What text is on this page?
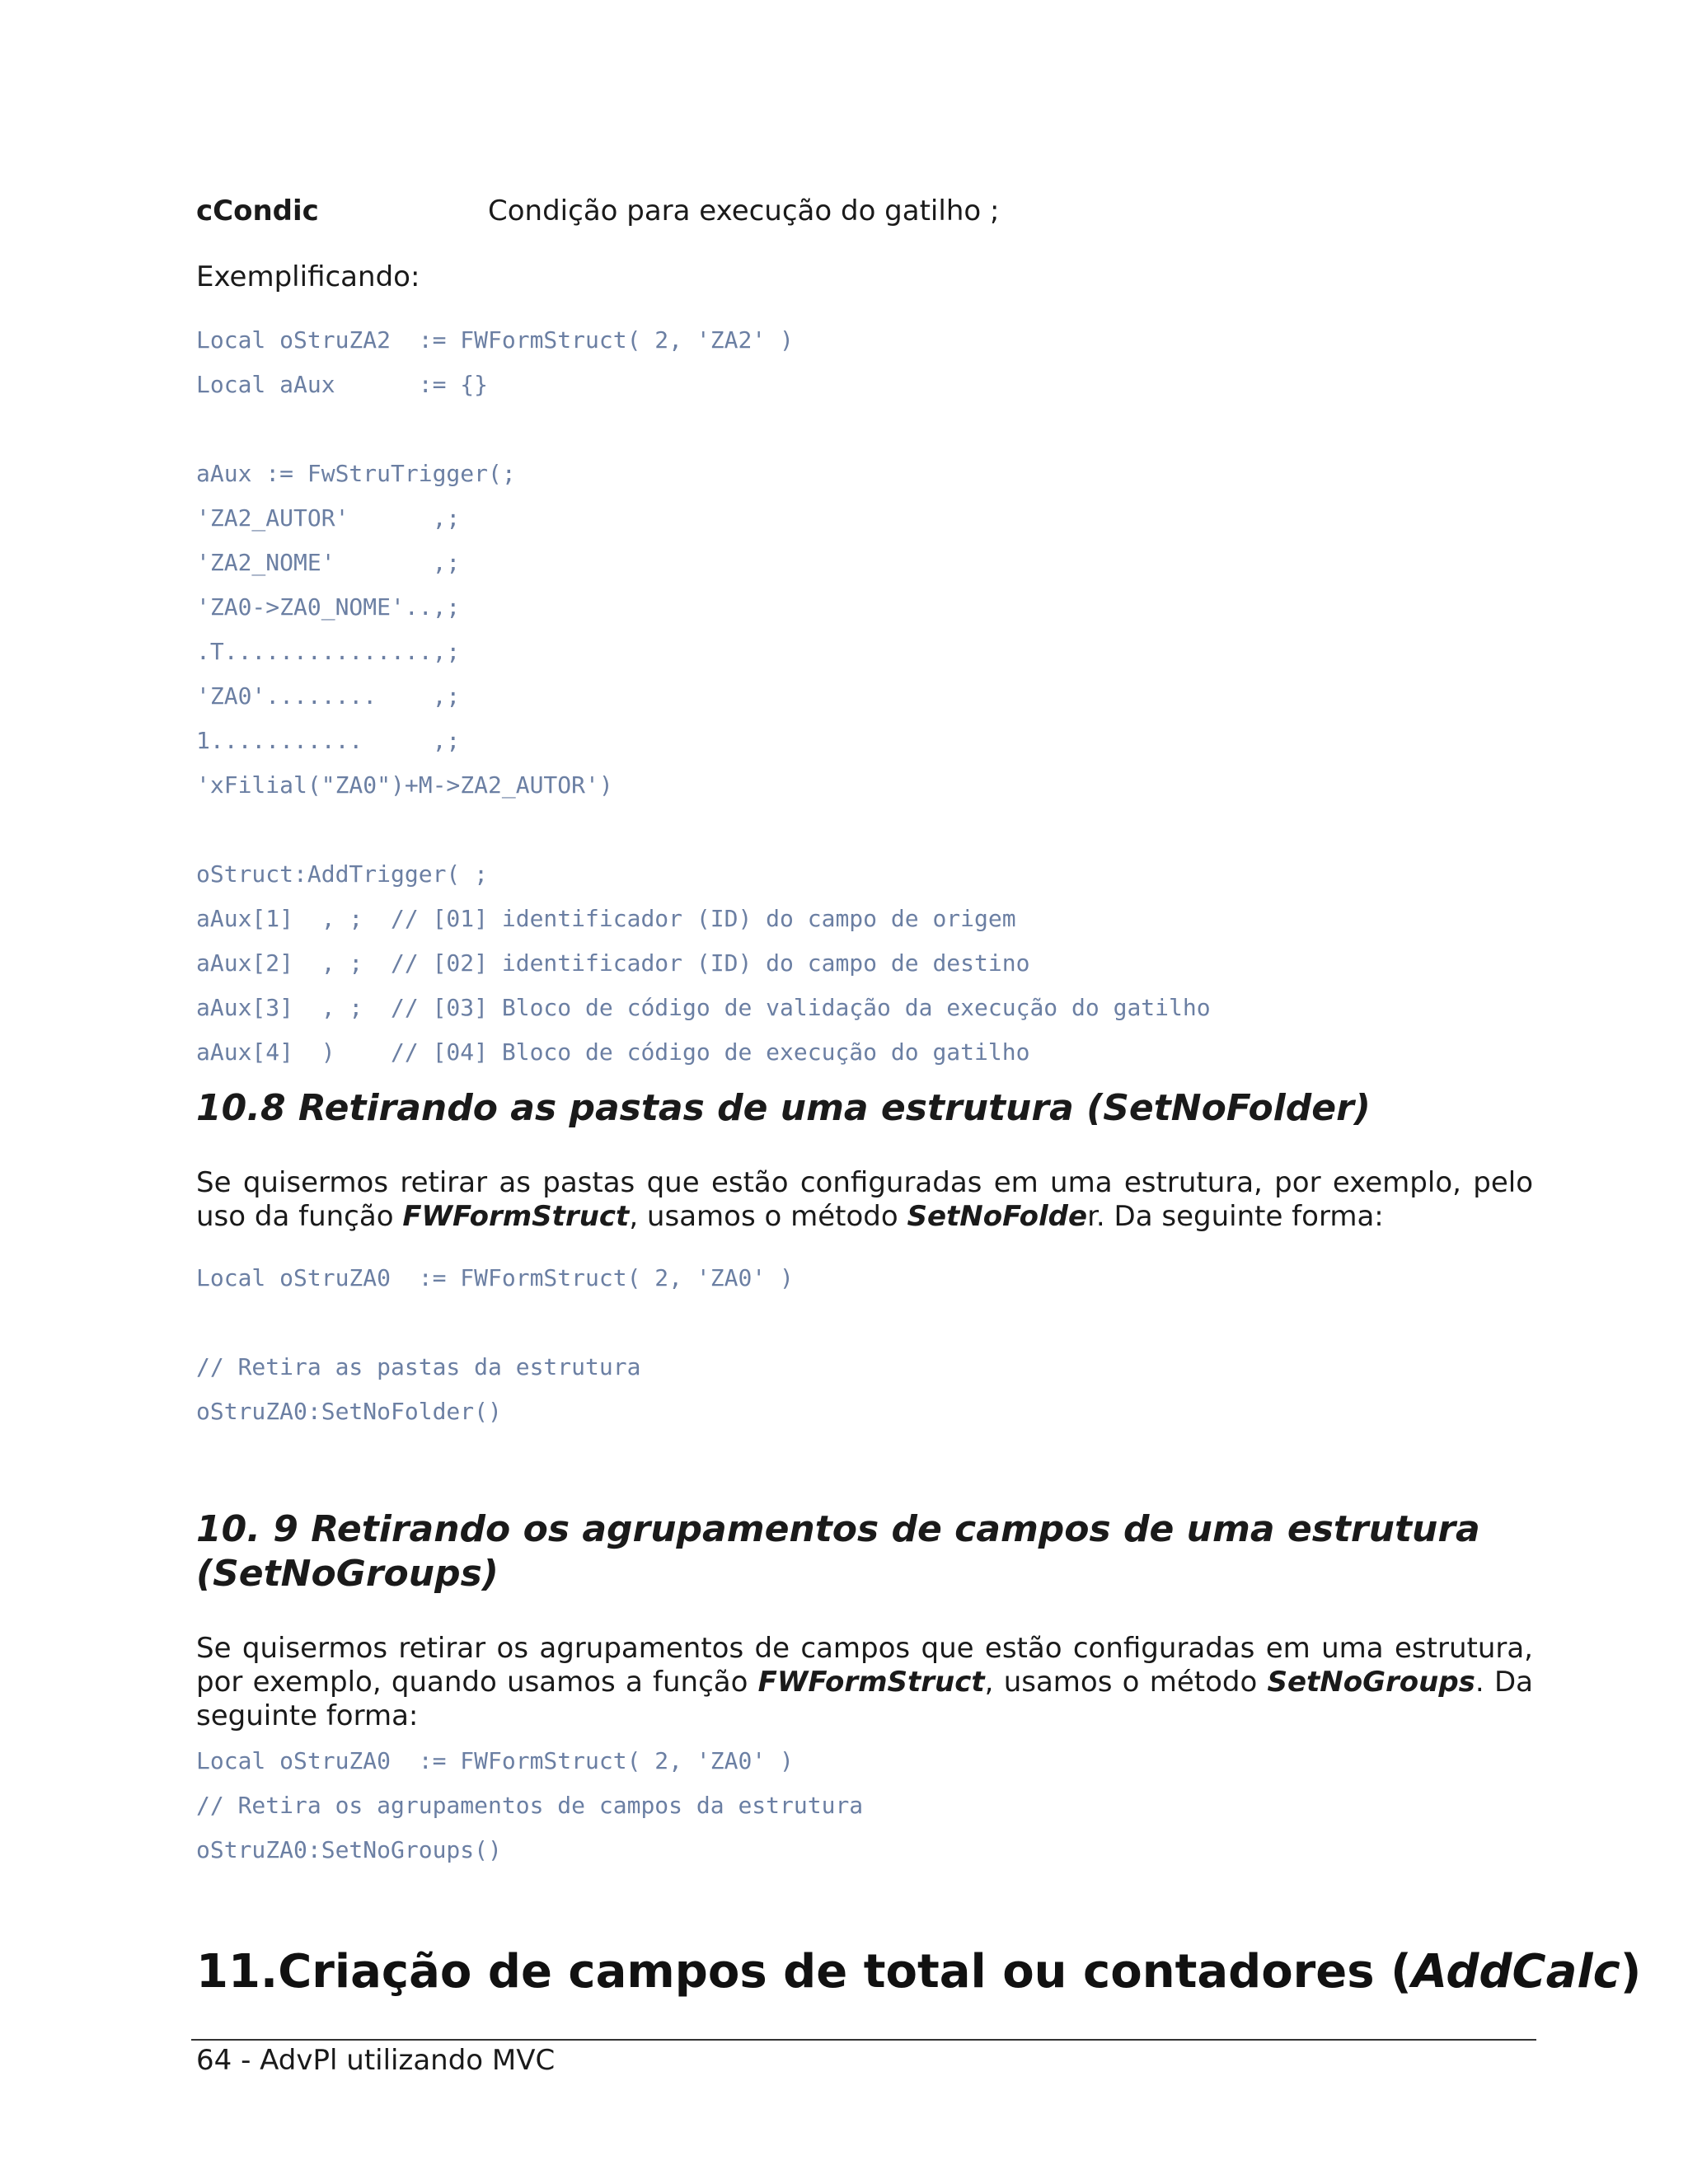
cCondic	Condição para execução do gatilho ;
Exemplificando:
Local oStruZA2  := FWFormStruct( 2, 'ZA2' )
Local aAux      := {}
aAux := FwStruTrigger(;
'ZA2_AUTOR'      ,;
'ZA2_NOME'       ,;
'ZA0->ZA0_NOME'..,;
.T...............,;
'ZA0'........    ,;
1...........     ,;
'xFilial("ZA0")+M->ZA2_AUTOR')
oStruct:AddTrigger( ;
aAux[1]  , ;  // [01] identificador (ID) do campo de origem
aAux[2]  , ;  // [02] identificador (ID) do campo de destino
aAux[3]  , ;  // [03] Bloco de código de validação da execução do gatilho
aAux[4]  )    // [04] Bloco de código de execução do gatilho
10.8 Retirando as pastas de uma estrutura (SetNoFolder)
Se quisermos retirar as pastas que estão configuradas em uma estrutura, por exemplo, pelo
uso da função FWFormStruct, usamos o método SetNoFolder. Da seguinte forma:
Local oStruZA0  := FWFormStruct( 2, 'ZA0' )
// Retira as pastas da estrutura
oStruZA0:SetNoFolder()
10. 9 Retirando os agrupamentos de campos de uma estrutura
(SetNoGroups)
Se quisermos retirar os agrupamentos de campos que estão configuradas em uma estrutura,
por exemplo, quando usamos a função FWFormStruct, usamos o método SetNoGroups. Da
seguinte forma:
Local oStruZA0  := FWFormStruct( 2, 'ZA0' )
// Retira os agrupamentos de campos da estrutura
oStruZA0:SetNoGroups()
11.Criação de campos de total ou contadores (AddCalc)
64 - AdvPl utilizando MVC
